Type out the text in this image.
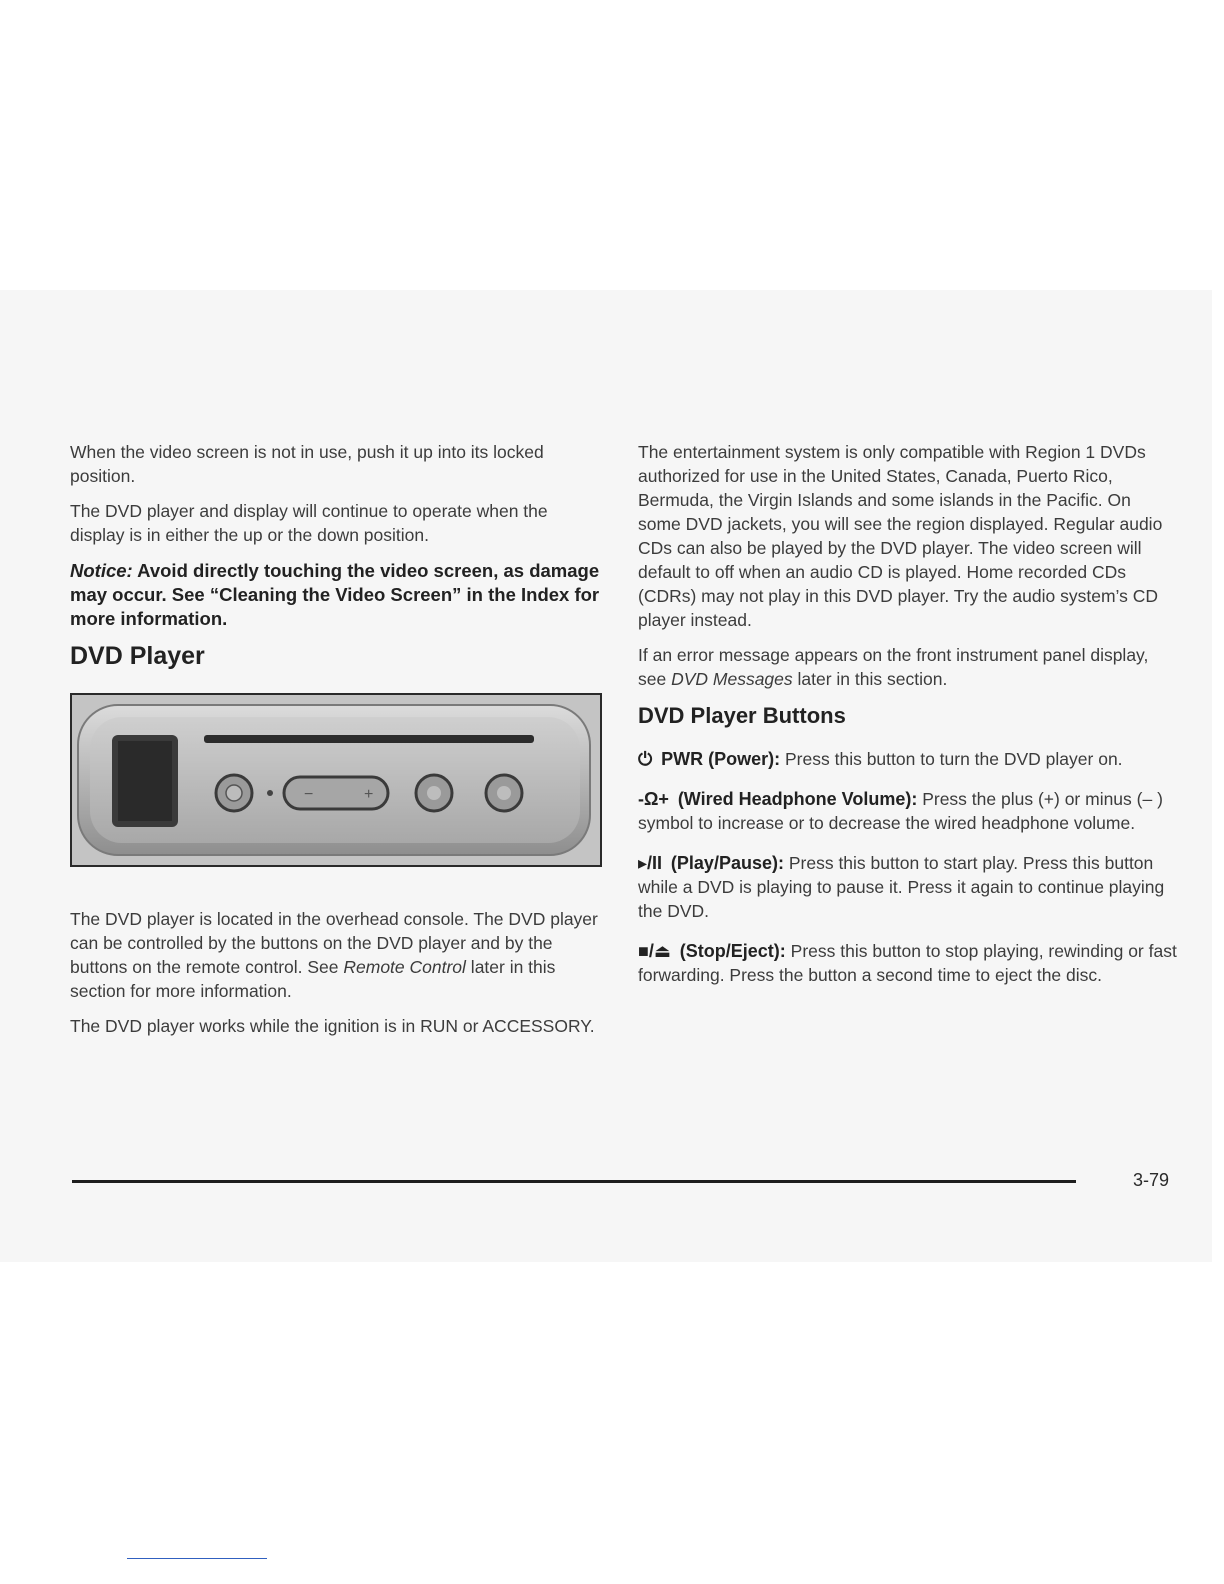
When the video screen is not in use, push it up into its locked position.

The DVD player and display will continue to operate when the display is in either the up or the down position.

Notice: Avoid directly touching the video screen, as damage may occur. See “Cleaning the Video Screen” in the Index for more information.
DVD Player
−	+

The DVD player is located in the overhead console. The DVD player can be controlled by the buttons on the DVD player and by the buttons on the remote control. See Remote Control later in this section for more information.

The DVD player works while the ignition is in RUN or ACCESSORY.

The entertainment system is only compatible with Region 1 DVDs authorized for use in the United States, Canada, Puerto Rico, Bermuda, the Virgin Islands and some islands in the Pacific. On some DVD jackets, you will see the region displayed. Regular audio CDs can also be played by the DVD player. The video screen will default to off when an audio CD is played. Home recorded CDs (CDRs) may not play in this DVD player. Try the audio system’s CD player instead.

If an error message appears on the front instrument panel display, see DVD Messages later in this section.

DVD Player Buttons

⏻ PWR (Power): Press this button to turn the DVD player on.

-Ω+ (Wired Headphone Volume): Press the plus (+) or minus (– ) symbol to increase or to decrease the wired headphone volume.

▸/II (Play/Pause): Press this button to start play. Press this button while a DVD is playing to pause it. Press it again to continue playing the DVD.

■/⏏ (Stop/Eject): Press this button to stop playing, rewinding or fast forwarding. Press the button a second time to eject the disc.

3-79
